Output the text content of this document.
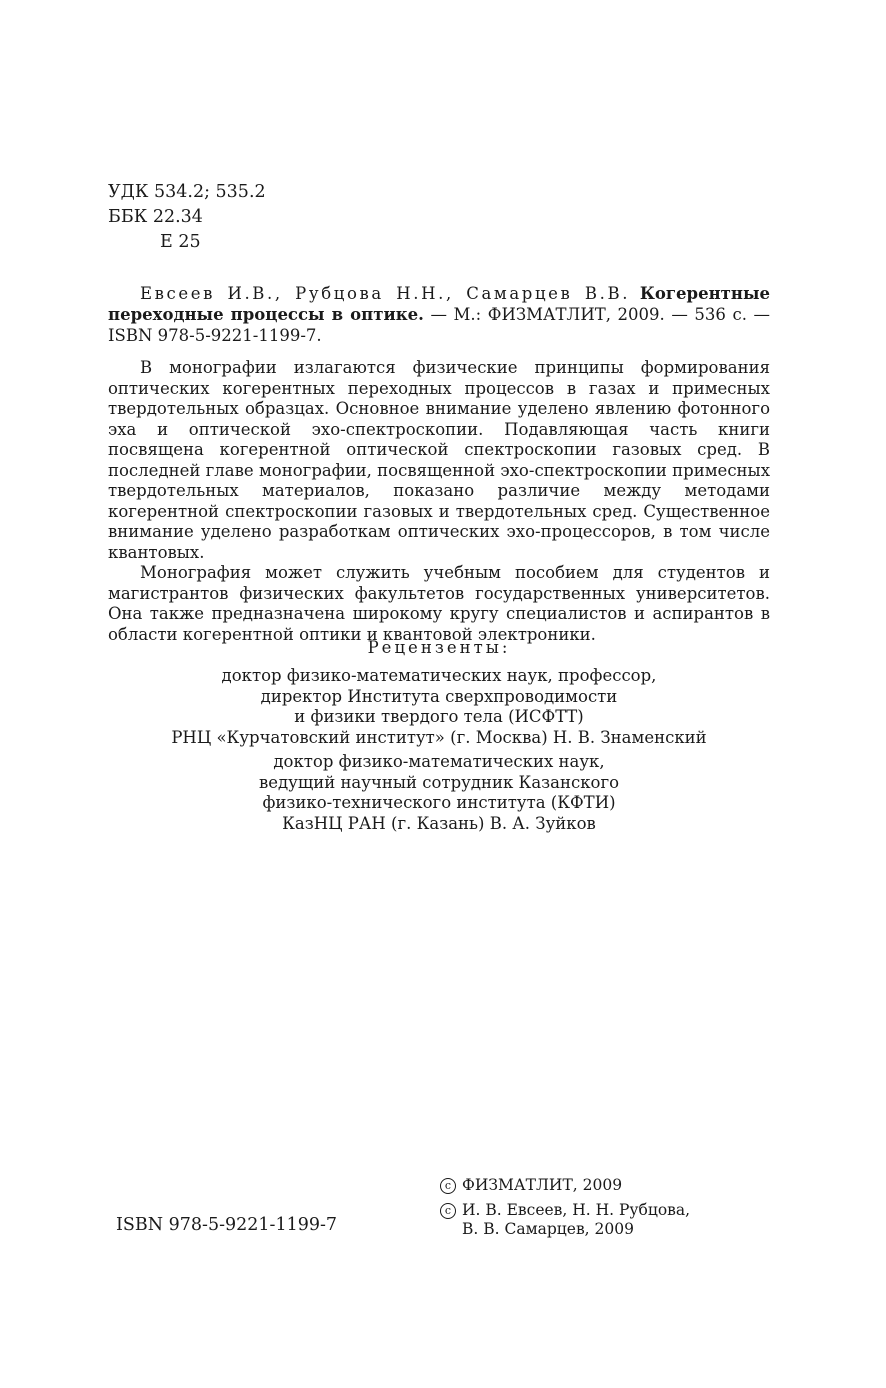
УДК 534.2; 535.2
ББК 22.34
Е 25
Евсеев И.В., Рубцова Н.Н., Самарцев В.В. Когерентные переходные процессы в оптике. — М.: ФИЗМАТЛИТ, 2009. — 536 с. — ISBN 978-5-9221-1199-7.

В монографии излагаются физические принципы формирования оптических когерентных переходных процессов в газах и примесных твердотельных образцах. Основное внимание уделено явлению фотонного эха и оптической эхо-спектроскопии. Подавляющая часть книги посвящена когерентной оптической спектроскопии газовых сред. В последней главе монографии, посвященной эхо-спектроскопии примесных твердотельных материалов, показано различие между методами когерентной спектроскопии газовых и твердотельных сред. Существенное внимание уделено разработкам оптических эхо-процессоров, в том числе квантовых.

Монография может служить учебным пособием для студентов и магистрантов физических факультетов государственных университетов. Она также предназначена широкому кругу специалистов и аспирантов в области когерентной оптики и квантовой электроники.

Рецензенты:
доктор физико-математических наук, профессор,
директор Института сверхпроводимости
и физики твердого тела (ИСФТТ)
РНЦ «Курчатовский институт» (г. Москва) Н. В. Знаменский
доктор физико-математических наук,
ведущий научный сотрудник Казанского
физико-технического института (КФТИ)
КазНЦ РАН (г. Казань) В. А. Зуйков
ISBN 978-5-9221-1199-7
c ФИЗМАТЛИТ, 2009
c И. В. Евсеев, Н. Н. Рубцова,
В. В. Самарцев, 2009
